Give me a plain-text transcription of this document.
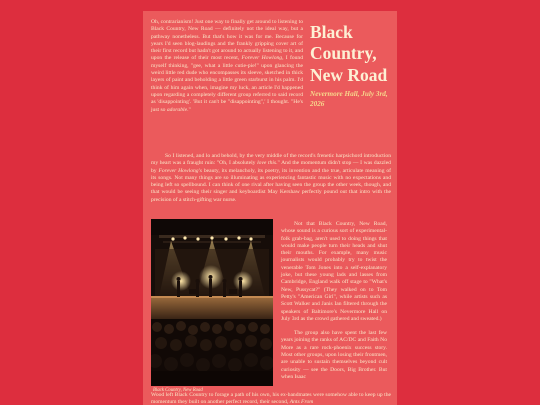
Oh, contrarianism! Just one way to finally get around to listening to Black Country, New Road — definitely not the ideal way, but a pathway nonetheless. But that's how it was for me. Because for years I'd seen blog-laudings and the frankly gripping cover art of their first record but hadn't got around to actually listening to it, and upon the release of their most recent, Forever Howlong, I found myself thinking, "gee, what a little cutie-pie!" upon glancing the weird little red dude who encompasses its sleeve, sketched in thick layers of paint and beholding a little green starburst in his palm. I'd think of him again when, imagine my luck, an article I'd happened upon regarding a completely different group referred to said record as 'disappointing'. 'But it can't be "disappointing",' I thought. "He's just so adorable."
Black Country, New Road

Nevermore Hall, July 3rd, 2026

So I listened, and lo and behold, by the very middle of the record's frenetic harpsichord introduction my heart was a fraught ruin: "Oh, I absolutely love this." And the momentum didn't stop — I was dazzled by Forever Howlong's beauty, its melancholy, its poetry, its invention and the true, articulate meaning of its songs. Not many things are so illuminating as experiencing fantastic music with no expectations and being left so spellbound. I can think of one rival after having seen the group the other week, though, and that would be seeing their singer and keyboardist May Kershaw perfectly pound out that intro with the precision of a stitch-gifting war nurse.

Black Country, New Road

Not that Black Country, New Road, whose sound is a curious sort of experimental-folk grab-bag, aren't used to doing things that would make people turn their heads and shut their mouths. For example, many music journalists would probably try to twist the venerable Tom Jones into a self-explanatory joke, but these young lads and lasses from Cambridge, England walk off stage to "What's New, Pussycat?" (They walked on to Tom Petty's "American Girl", while artists such as Scott Walker and Janis Ian filtered through the speakers of Baltimore's Nevermore Hall on July 3rd as the crowd gathered and sweated.)

The group also have spent the last few years joining the ranks of AC/DC and Faith No More as a rare rock-phoenix success story. Most other groups, upon losing their frontmen, are unable to sustain themselves beyond cult curiosity — see the Doors, Big Brother. But when Isaac

Wood left Black Country to forage a path of his own, his ex-bandmates were somehow able to keep up the momentum they built on another perfect record, their second, Ants From
